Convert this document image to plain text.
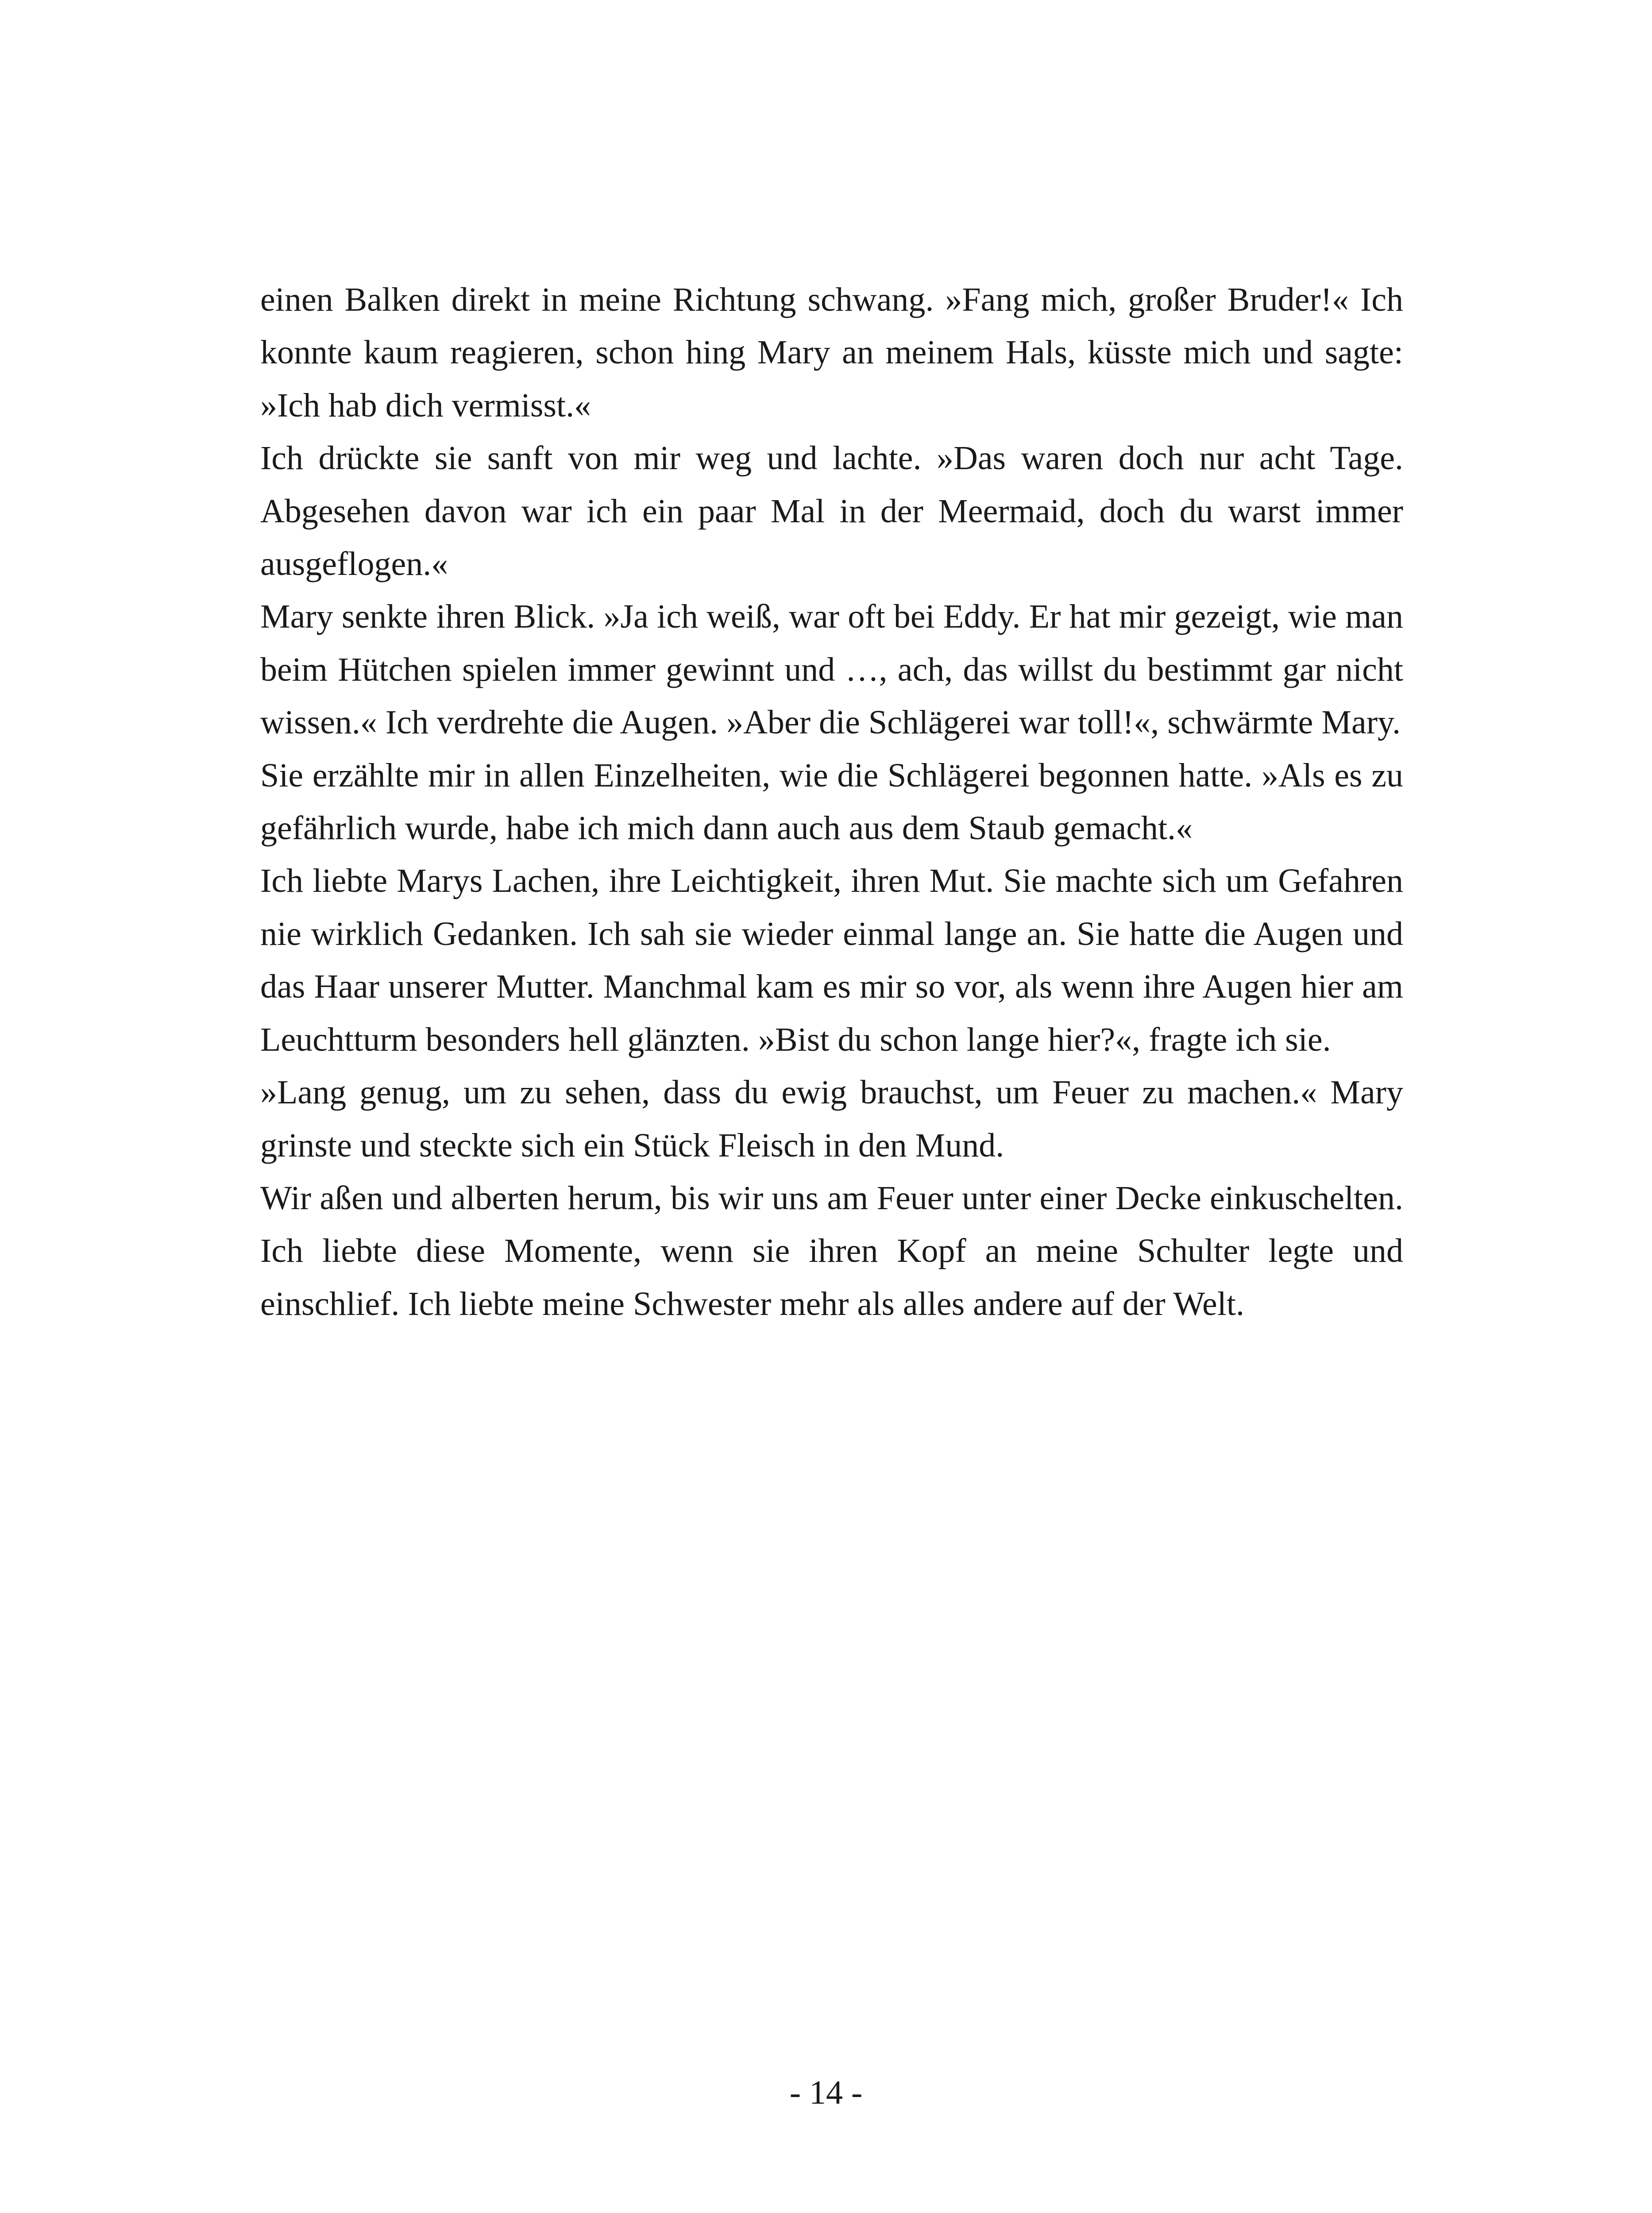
einen Balken direkt in meine Richtung schwang. »Fang mich, großer Bruder!« Ich konnte kaum reagieren, schon hing Mary an meinem Hals, küsste mich und sagte: »Ich hab dich vermisst.«

Ich drückte sie sanft von mir weg und lachte. »Das waren doch nur acht Tage. Abgesehen davon war ich ein paar Mal in der Meermaid, doch du warst immer ausgeflogen.«

Mary senkte ihren Blick. »Ja ich weiß, war oft bei Eddy. Er hat mir gezeigt, wie man beim Hütchen spielen immer gewinnt und …, ach, das willst du bestimmt gar nicht wissen.« Ich verdrehte die Augen. »Aber die Schlägerei war toll!«, schwärmte Mary.

Sie erzählte mir in allen Einzelheiten, wie die Schlägerei begonnen hatte. »Als es zu gefährlich wurde, habe ich mich dann auch aus dem Staub gemacht.«

Ich liebte Marys Lachen, ihre Leichtigkeit, ihren Mut. Sie machte sich um Gefahren nie wirklich Gedanken. Ich sah sie wieder einmal lange an. Sie hatte die Augen und das Haar unserer Mutter. Manchmal kam es mir so vor, als wenn ihre Augen hier am Leuchtturm besonders hell glänzten. »Bist du schon lange hier?«, fragte ich sie.

»Lang genug, um zu sehen, dass du ewig brauchst, um Feuer zu machen.« Mary grinste und steckte sich ein Stück Fleisch in den Mund.

Wir aßen und alberten herum, bis wir uns am Feuer unter einer Decke einkuschelten. Ich liebte diese Momente, wenn sie ihren Kopf an meine Schulter legte und einschlief. Ich liebte meine Schwester mehr als alles andere auf der Welt.

- 14 -
